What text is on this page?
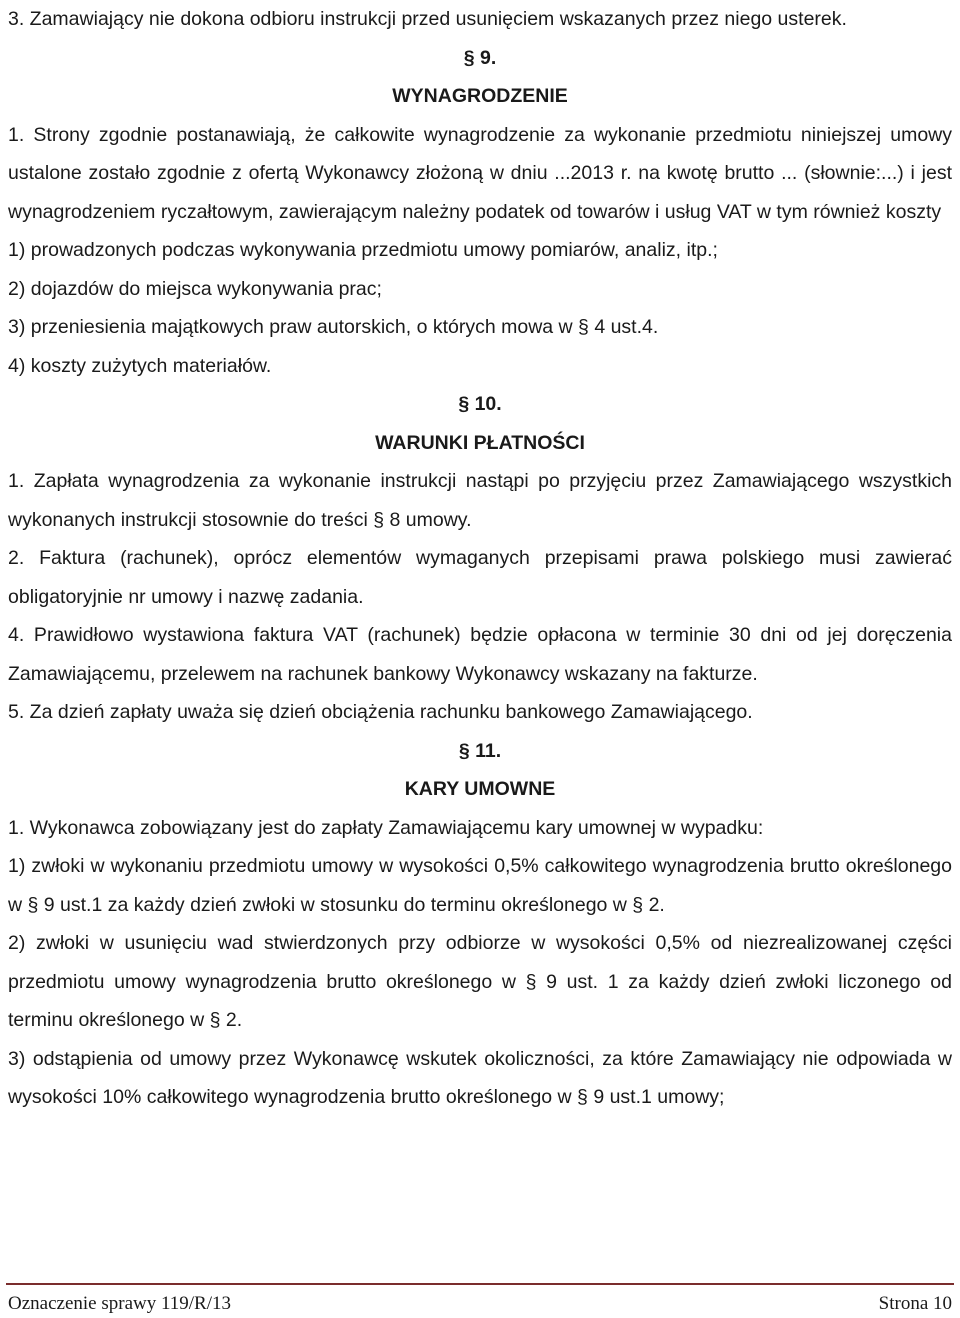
3. Zamawiający nie dokona odbioru instrukcji przed usunięciem wskazanych przez niego usterek.

§ 9.
WYNAGRODZENIE

1. Strony zgodnie postanawiają, że całkowite wynagrodzenie za wykonanie przedmiotu niniejszej umowy ustalone zostało zgodnie z ofertą Wykonawcy złożoną w dniu ...2013 r. na kwotę brutto ... (słownie:...) i jest wynagrodzeniem ryczałtowym, zawierającym należny podatek od towarów i usług VAT w tym również koszty

1) prowadzonych podczas wykonywania przedmiotu umowy pomiarów, analiz, itp.;

2) dojazdów do miejsca wykonywania prac;

3) przeniesienia majątkowych praw autorskich, o których mowa w § 4 ust.4.

4) koszty zużytych materiałów.

§ 10.
WARUNKI PŁATNOŚCI

1. Zapłata wynagrodzenia za wykonanie instrukcji nastąpi po przyjęciu przez Zamawiającego wszystkich wykonanych instrukcji stosownie do treści § 8 umowy.

2. Faktura (rachunek), oprócz elementów wymaganych przepisami prawa polskiego musi zawierać obligatoryjnie nr umowy i nazwę zadania.

4. Prawidłowo wystawiona faktura VAT (rachunek) będzie opłacona w terminie 30 dni od jej doręczenia Zamawiającemu, przelewem na rachunek bankowy Wykonawcy wskazany na fakturze.

5. Za dzień zapłaty uważa się dzień obciążenia rachunku bankowego Zamawiającego.

§ 11.
KARY UMOWNE

1. Wykonawca zobowiązany jest do zapłaty Zamawiającemu kary umownej w wypadku:

1) zwłoki w wykonaniu przedmiotu umowy w wysokości 0,5% całkowitego wynagrodzenia brutto określonego w § 9 ust.1 za każdy dzień zwłoki w stosunku do terminu określonego w § 2.

2) zwłoki w usunięciu wad stwierdzonych przy odbiorze w wysokości 0,5% od niezrealizowanej części przedmiotu umowy wynagrodzenia brutto określonego w § 9 ust. 1 za każdy dzień zwłoki liczonego od terminu określonego w § 2.

3) odstąpienia od umowy przez Wykonawcę wskutek okoliczności, za które Zamawiający nie odpowiada w wysokości 10% całkowitego wynagrodzenia brutto określonego w § 9 ust.1 umowy;

Oznaczenie sprawy 119/R/13	Strona 10
